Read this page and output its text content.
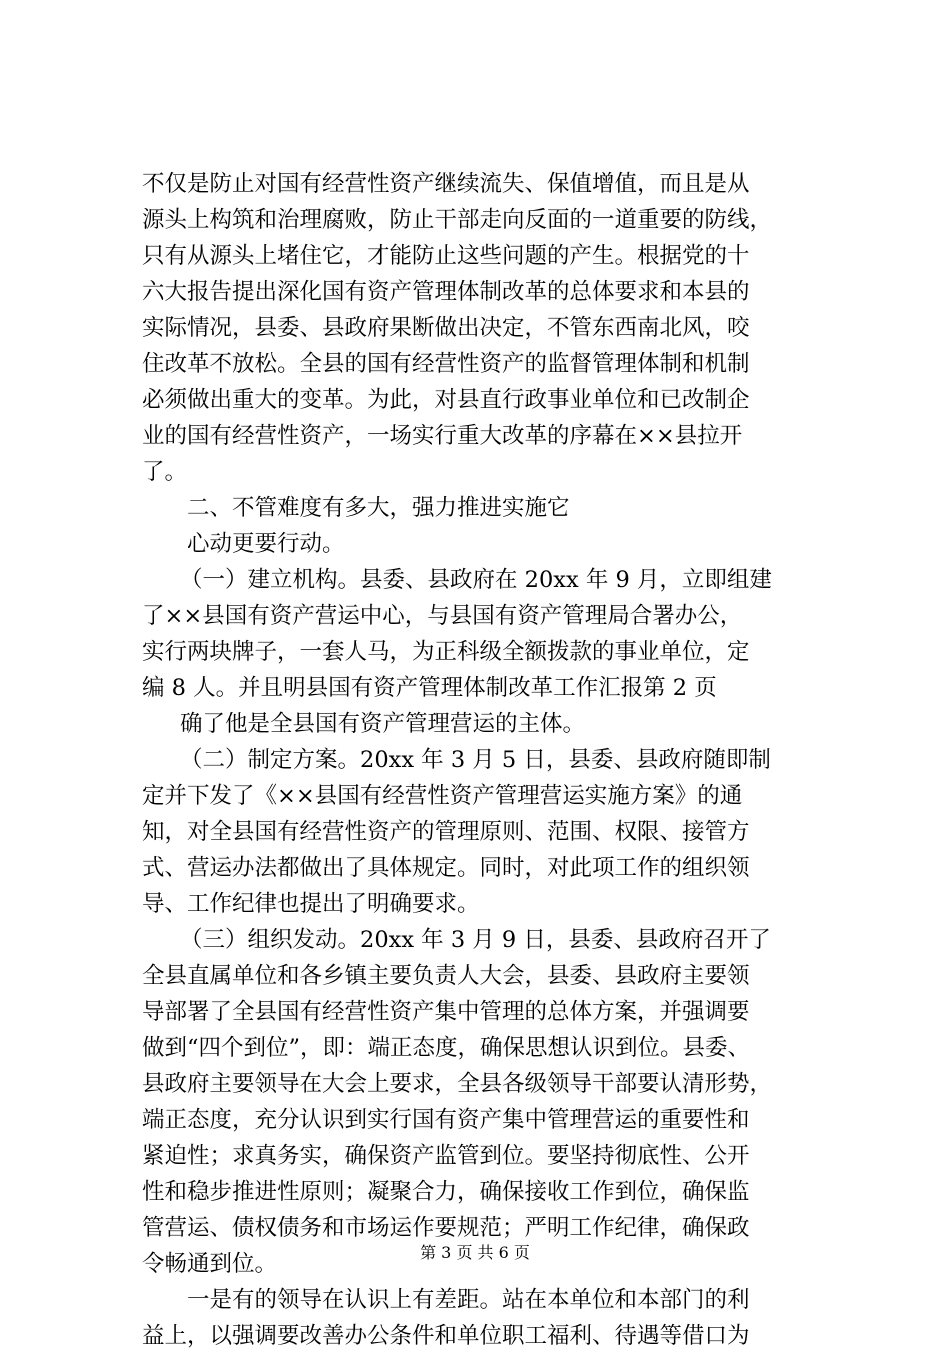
不仅是防止对国有经营性资产继续流失、保值增值，而且是从
源头上构筑和治理腐败，防止干部走向反面的一道重要的防线，
只有从源头上堵住它，才能防止这些问题的产生。根据党的十
六大报告提出深化国有资产管理体制改革的总体要求和本县的
实际情况，县委、县政府果断做出决定，不管东西南北风，咬
住改革不放松。全县的国有经营性资产的监督管理体制和机制
必须做出重大的变革。为此，对县直行政事业单位和已改制企
业的国有经营性资产，一场实行重大改革的序幕在××县拉开
了。
二、不管难度有多大，强力推进实施它
心动更要行动。
（一）建立机构。县委、县政府在 20xx 年 9 月，立即组建
了××县国有资产营运中心，与县国有资产管理局合署办公，
实行两块牌子，一套人马，为正科级全额拨款的事业单位，定
编 8 人。并且明县国有资产管理体制改革工作汇报第 2 页
确了他是全县国有资产管理营运的主体。
（二）制定方案。20xx 年 3 月 5 日，县委、县政府随即制
定并下发了《××县国有经营性资产管理营运实施方案》的通
知，对全县国有经营性资产的管理原则、范围、权限、接管方
式、营运办法都做出了具体规定。同时，对此项工作的组织领
导、工作纪律也提出了明确要求。
（三）组织发动。20xx 年 3 月 9 日，县委、县政府召开了
全县直属单位和各乡镇主要负责人大会，县委、县政府主要领
导部署了全县国有经营性资产集中管理的总体方案，并强调要
做到“四个到位”，即：端正态度，确保思想认识到位。县委、
县政府主要领导在大会上要求，全县各级领导干部要认清形势，
端正态度，充分认识到实行国有资产集中管理营运的重要性和
紧迫性；求真务实，确保资产监管到位。要坚持彻底性、公开
性和稳步推进性原则；凝聚合力，确保接收工作到位，确保监
管营运、债权债务和市场运作要规范；严明工作纪律，确保政
令畅通到位。
一是有的领导在认识上有差距。站在本单位和本部门的利
益上，以强调要改善办公条件和单位职工福利、待遇等借口为
第 3 页 共 6 页
